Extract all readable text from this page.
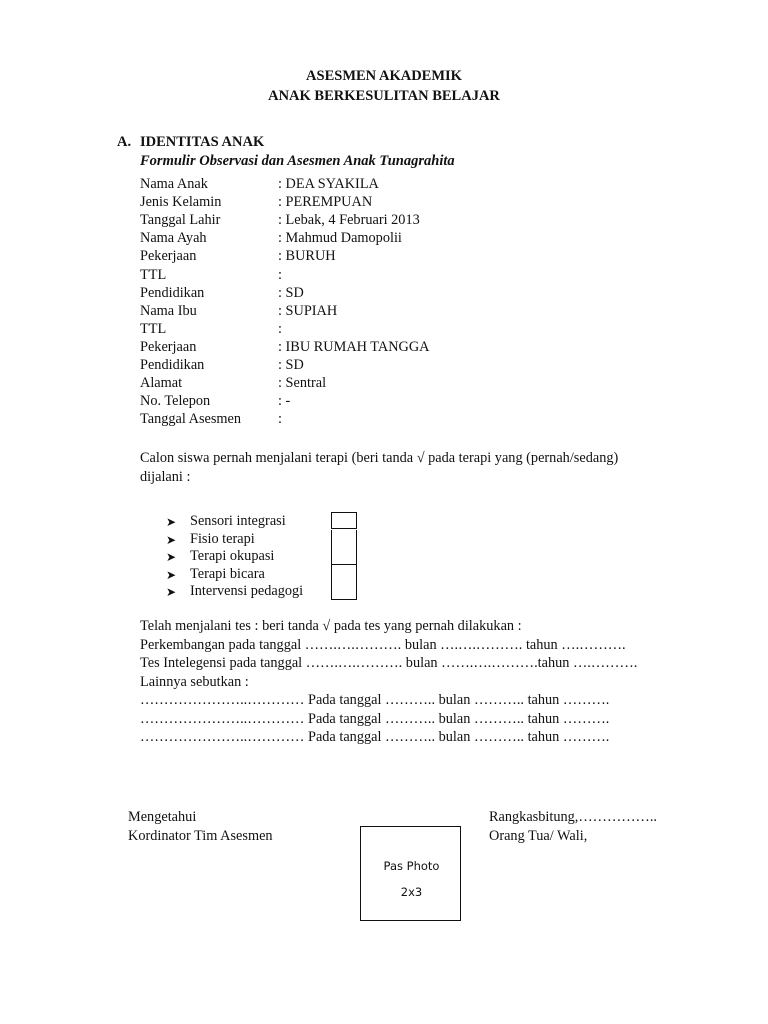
ASESMEN AKADEMIK
ANAK BERKESULITAN BELAJAR
A. IDENTITAS ANAK
Formulir Observasi dan Asesmen Anak Tunagrahita
Nama Anak	: DEA SYAKILA
Jenis Kelamin	: PEREMPUAN
Tanggal Lahir	: Lebak, 4 Februari 2013
Nama Ayah	: Mahmud Damopolii
Pekerjaan	: BURUH
TTL	:
Pendidikan	: SD
Nama Ibu	: SUPIAH
TTL	:
Pekerjaan	: IBU RUMAH TANGGA
Pendidikan	: SD
Alamat	: Sentral
No. Telepon	: -
Tanggal Asesmen	:
Calon siswa pernah menjalani terapi (beri tanda √ pada terapi yang (pernah/sedang)
dijalani :
➤ Sensori integrasi
➤ Fisio terapi
➤ Terapi okupasi
➤ Terapi bicara
➤ Intervensi pedagogi
Telah menjalani tes : beri tanda √ pada tes yang pernah dilakukan :
Perkembangan pada tanggal …….….………. bulan ….….………. tahun ….……….
Tes Intelegensi pada tanggal …….….………. bulan …….….……….tahun ….……….
Lainnya sebutkan :
…………………..………… Pada tanggal ……….. bulan ……….. tahun ……….
…………………..………… Pada tanggal ……….. bulan ……….. tahun ……….
…………………..………… Pada tanggal ……….. bulan ……….. tahun ……….
Mengetahui
Kordinator Tim Asesmen
Rangkasbitung,……………..
Orang Tua/ Wali,
Pas Photo
2x3
